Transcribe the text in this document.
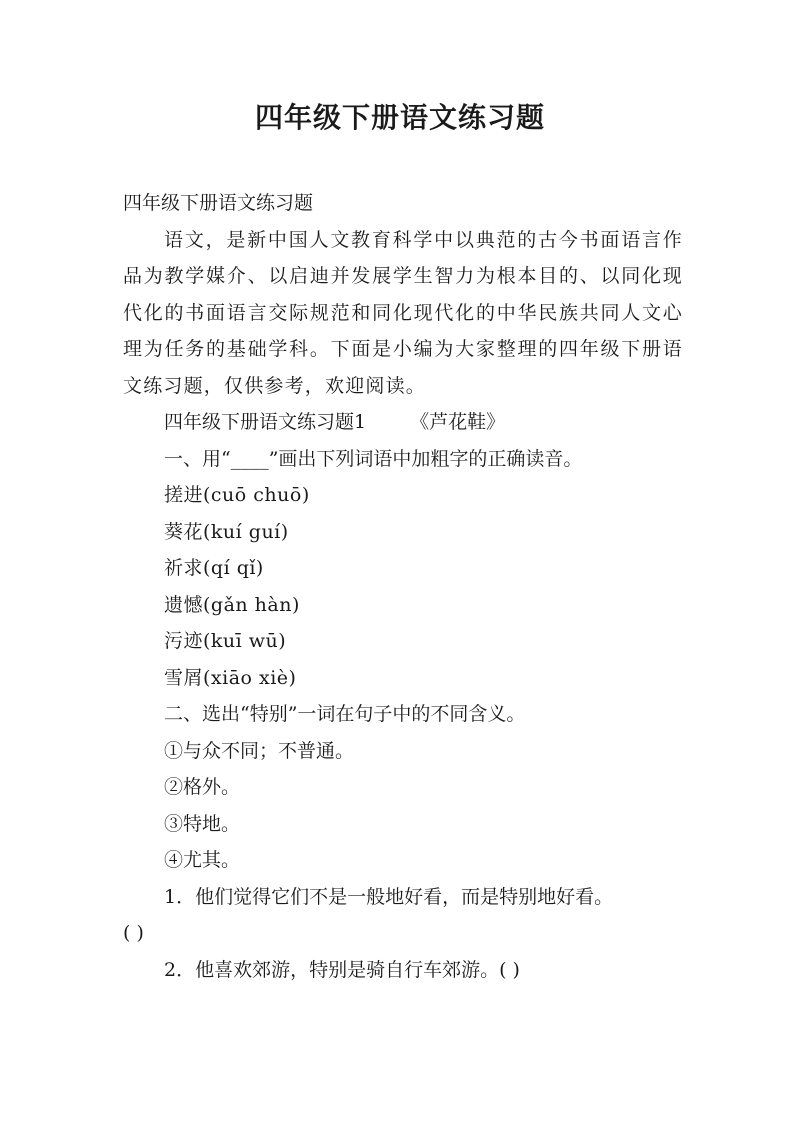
四年级下册语文练习题

四年级下册语文练习题

语文，是新中国人文教育科学中以典范的古今书面语言作品为教学媒介、以启迪并发展学生智力为根本目的、以同化现代化的书面语言交际规范和同化现代化的中华民族共同人文心理为任务的基础学科。下面是小编为大家整理的四年级下册语文练习题，仅供参考，欢迎阅读。

四年级下册语文练习题1 《芦花鞋》

一、用“____”画出下列词语中加粗字的正确读音。

搓进(cuō chuō)

葵花(kuí guí)

祈求(qí qǐ)

遗憾(gǎn hàn)

污迹(kuī wū)

雪屑(xiāo xiè)

二、选出“特别”一词在句子中的不同含义。

①与众不同；不普通。

②格外。

③特地。

④尤其。

1．他们觉得它们不是一般地好看，而是特别地好看。

( )

2．他喜欢郊游，特别是骑自行车郊游。( )
